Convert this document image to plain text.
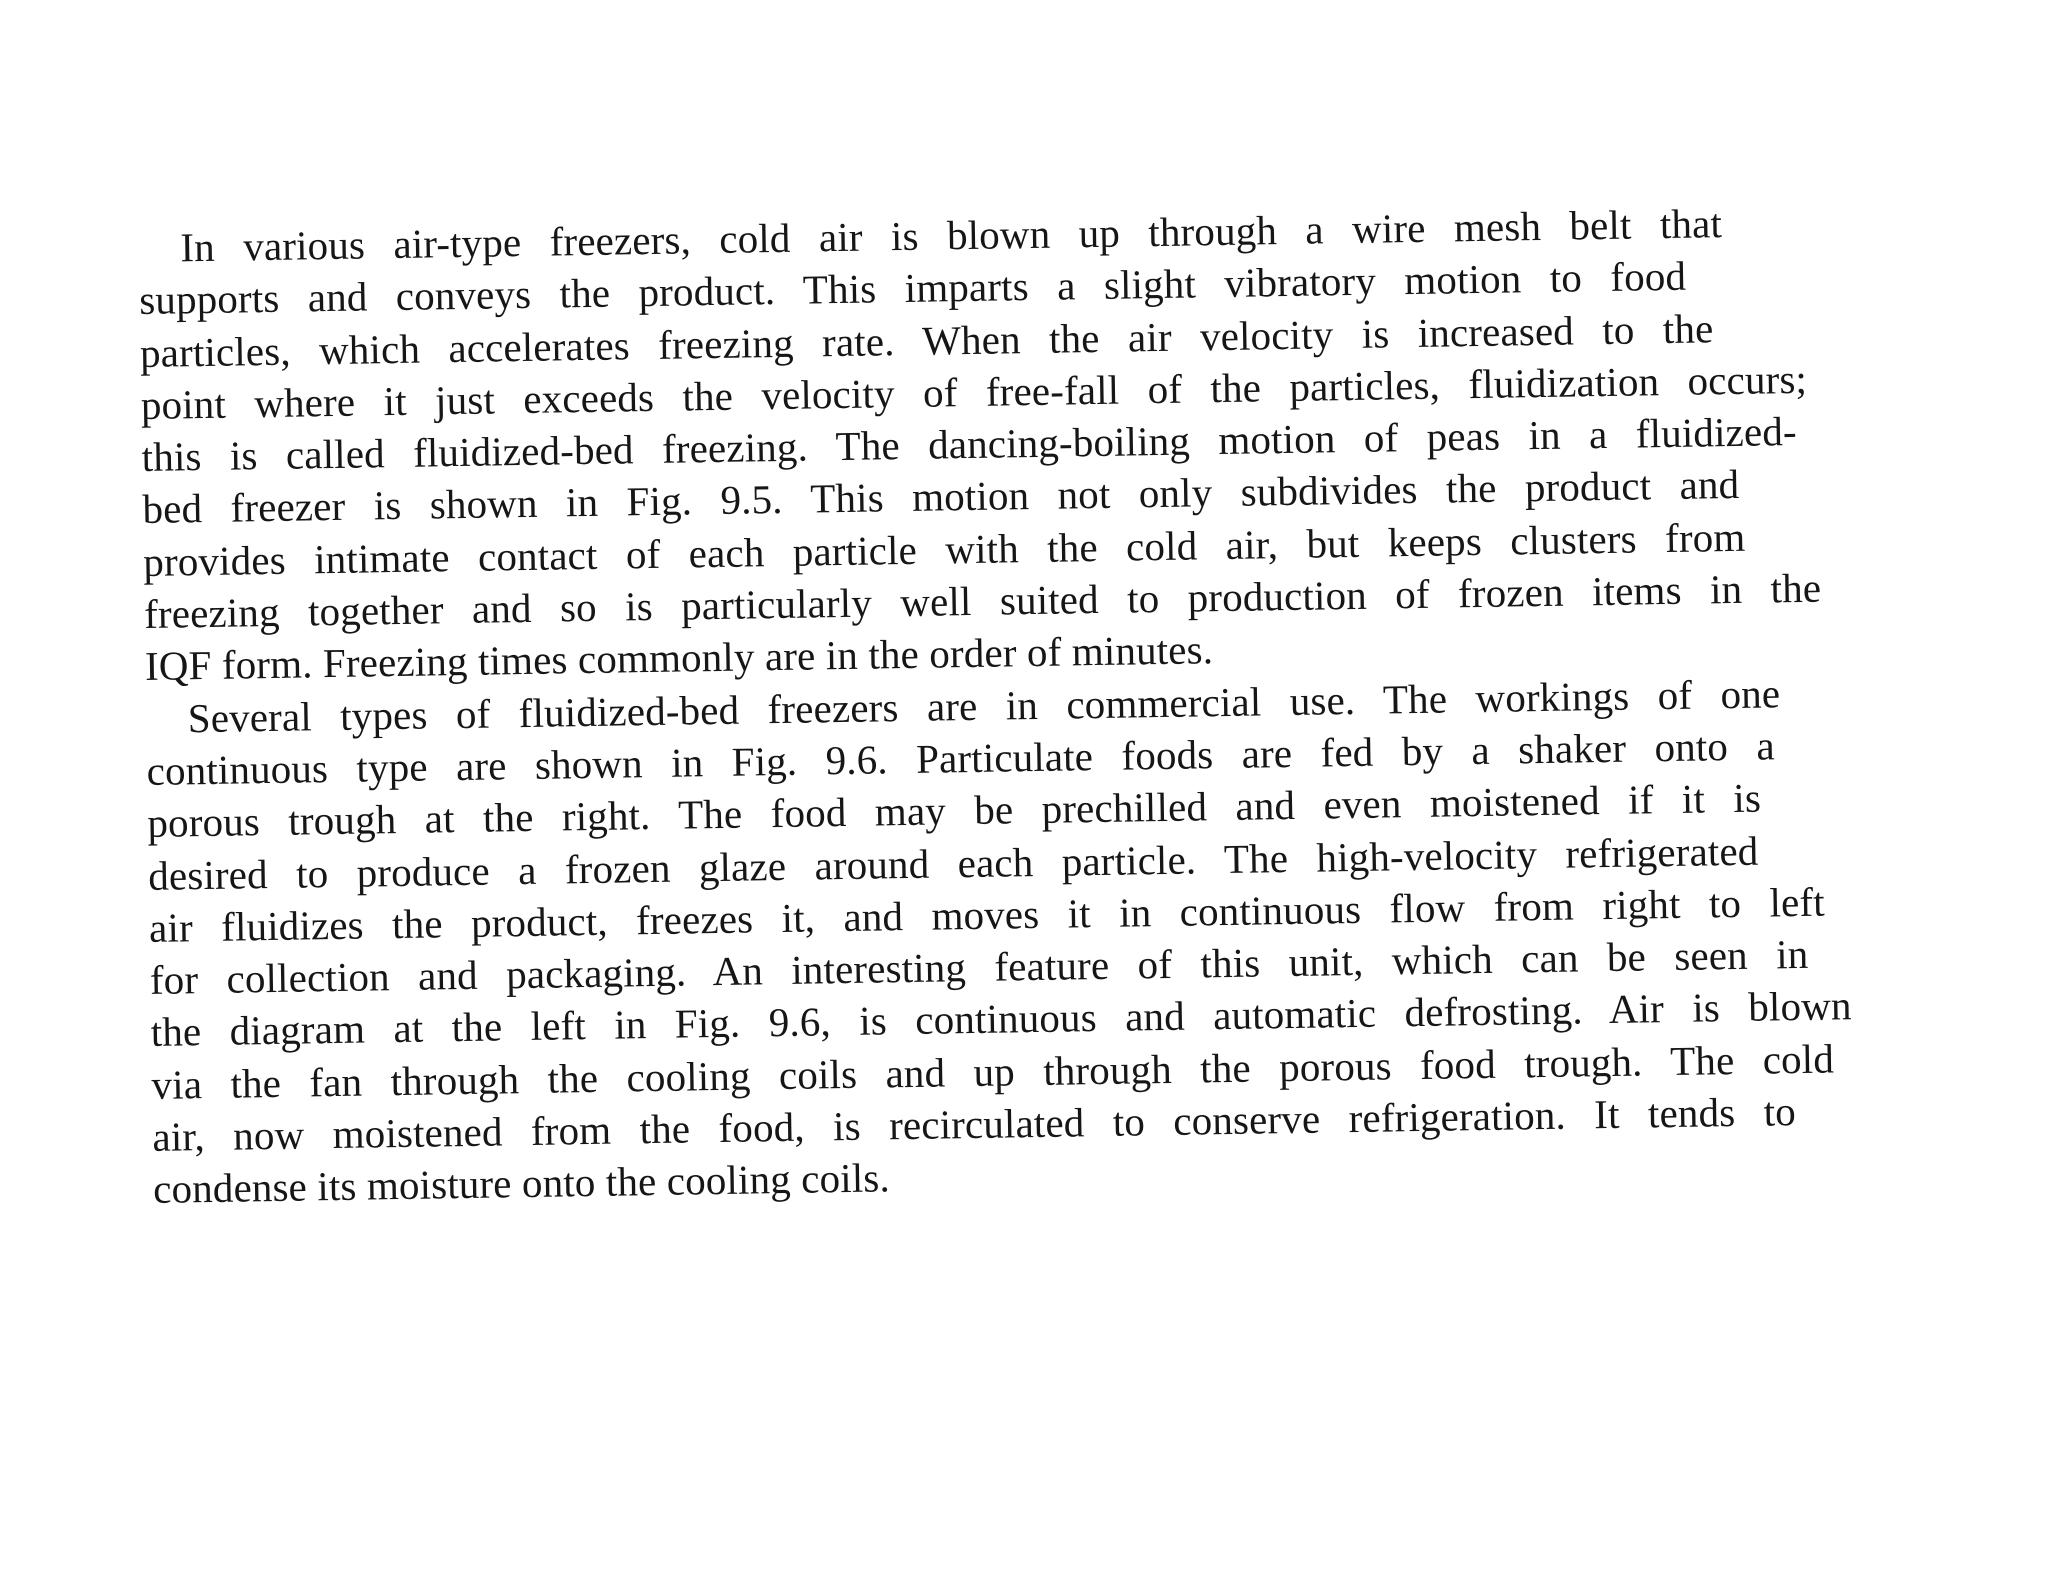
In various air-type freezers, cold air is blown up through a wire mesh belt that
supports and conveys the product. This imparts a slight vibratory motion to food
particles, which accelerates freezing rate. When the air velocity is increased to the
point where it just exceeds the velocity of free-fall of the particles, fluidization occurs;
this is called fluidized-bed freezing. The dancing-boiling motion of peas in a fluidized-
bed freezer is shown in Fig. 9.5. This motion not only subdivides the product and
provides intimate contact of each particle with the cold air, but keeps clusters from
freezing together and so is particularly well suited to production of frozen items in the
IQF form. Freezing times commonly are in the order of minutes.
Several types of fluidized-bed freezers are in commercial use. The workings of one
continuous type are shown in Fig. 9.6. Particulate foods are fed by a shaker onto a
porous trough at the right. The food may be prechilled and even moistened if it is
desired to produce a frozen glaze around each particle. The high-velocity refrigerated
air fluidizes the product, freezes it, and moves it in continuous flow from right to left
for collection and packaging. An interesting feature of this unit, which can be seen in
the diagram at the left in Fig. 9.6, is continuous and automatic defrosting. Air is blown
via the fan through the cooling coils and up through the porous food trough. The cold
air, now moistened from the food, is recirculated to conserve refrigeration. It tends to
condense its moisture onto the cooling coils.
